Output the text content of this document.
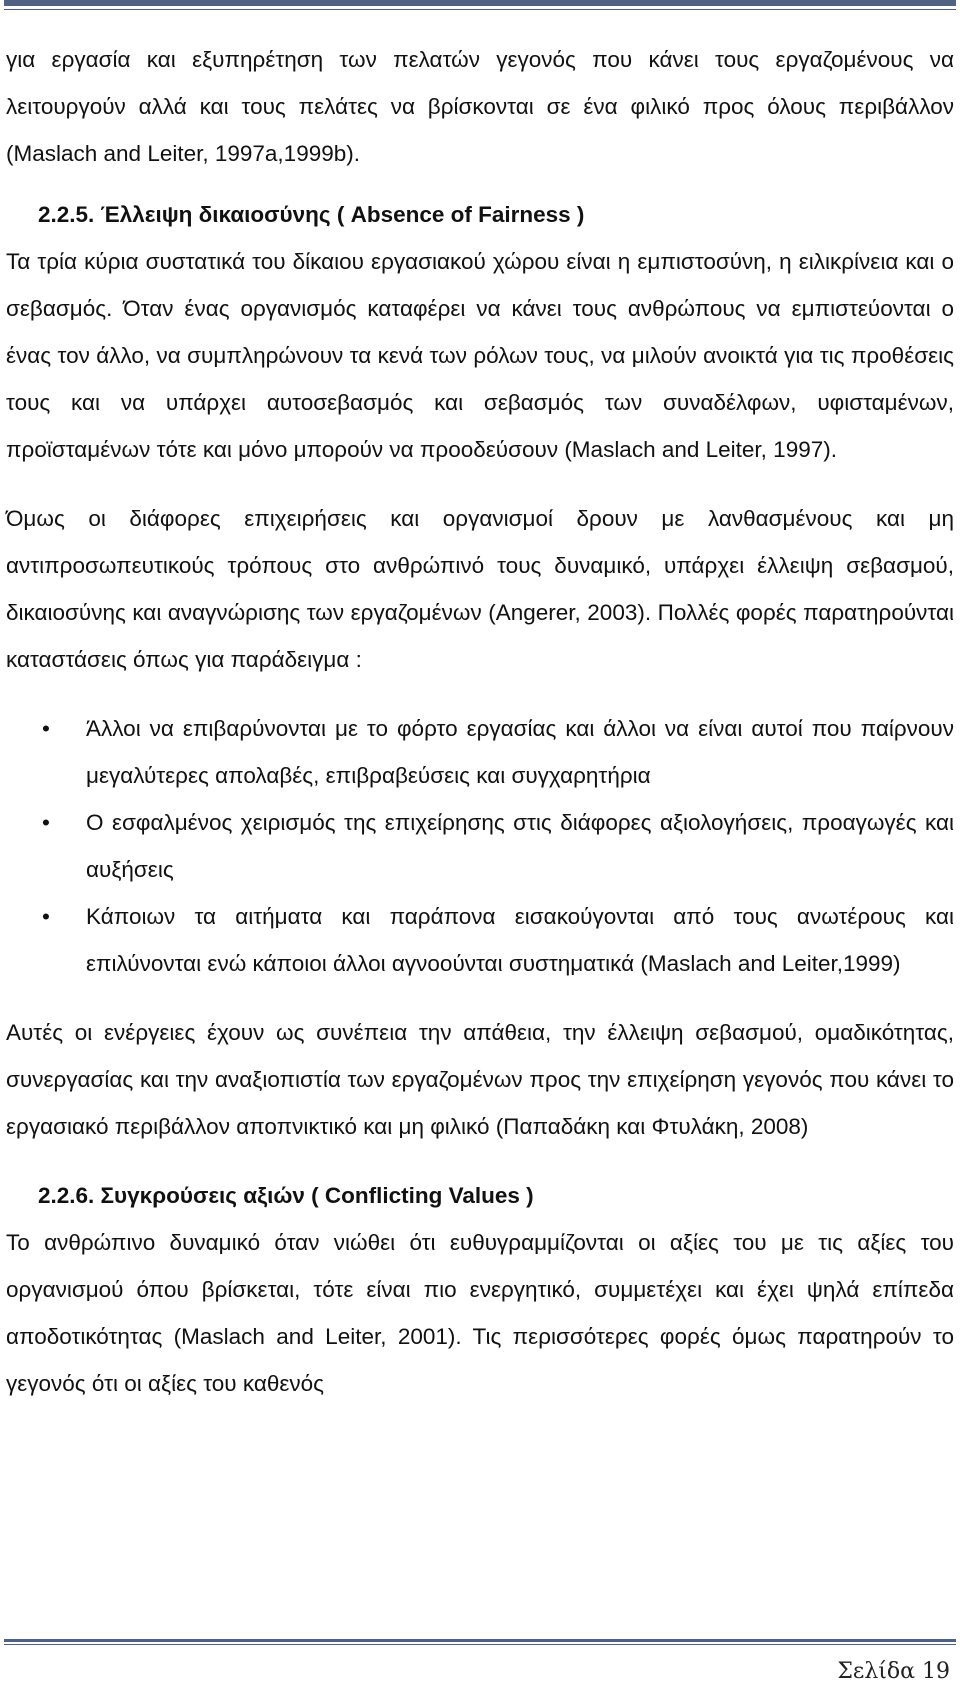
για εργασία και εξυπηρέτηση των πελατών γεγονός που κάνει τους εργαζομένους να λειτουργούν αλλά και τους πελάτες να βρίσκονται σε ένα φιλικό προς όλους περιβάλλον (Maslach and Leiter, 1997a,1999b).

2.2.5. Έλλειψη δικαιοσύνης ( Absence of Fairness )

Τα τρία κύρια συστατικά του δίκαιου εργασιακού χώρου είναι η εμπιστοσύνη, η ειλικρίνεια και ο σεβασμός. Όταν ένας οργανισμός καταφέρει να κάνει τους ανθρώπους να εμπιστεύονται ο ένας τον άλλο, να συμπληρώνουν τα κενά των ρόλων τους, να μιλούν ανοικτά για τις προθέσεις τους και να υπάρχει αυτοσεβασμός και σεβασμός των συναδέλφων, υφισταμένων, προϊσταμένων τότε και μόνο μπορούν να προοδεύσουν (Maslach and Leiter, 1997).

Όμως οι διάφορες επιχειρήσεις και οργανισμοί δρουν με λανθασμένους και μη αντιπροσωπευτικούς τρόπους στο ανθρώπινό τους δυναμικό, υπάρχει έλλειψη σεβασμού, δικαιοσύνης και αναγνώρισης των εργαζομένων (Angerer, 2003). Πολλές φορές παρατηρούνται καταστάσεις όπως για παράδειγμα :

• Άλλοι να επιβαρύνονται με το φόρτο εργασίας και άλλοι να είναι αυτοί που παίρνουν μεγαλύτερες απολαβές, επιβραβεύσεις και συγχαρητήρια
• Ο εσφαλμένος χειρισμός της επιχείρησης στις διάφορες αξιολογήσεις, προαγωγές και αυξήσεις
• Κάποιων τα αιτήματα και παράπονα εισακούγονται από τους ανωτέρους και επιλύνονται ενώ κάποιοι άλλοι αγνοούνται συστηματικά (Maslach and Leiter,1999)

Αυτές οι ενέργειες έχουν ως συνέπεια την απάθεια, την έλλειψη σεβασμού, ομαδικότητας, συνεργασίας και την αναξιοπιστία των εργαζομένων προς την επιχείρηση γεγονός που κάνει το εργασιακό περιβάλλον αποπνικτικό και μη φιλικό (Παπαδάκη και Φτυλάκη, 2008)

2.2.6. Συγκρούσεις αξιών ( Conflicting Values )

Το ανθρώπινο δυναμικό όταν νιώθει ότι ευθυγραμμίζονται οι αξίες του με τις αξίες του οργανισμού όπου βρίσκεται, τότε είναι πιο ενεργητικό, συμμετέχει και έχει ψηλά επίπεδα αποδοτικότητας (Maslach and Leiter, 2001). Τις περισσότερες φορές όμως παρατηρούν το γεγονός ότι οι αξίες του καθενός

Σελίδα 19
